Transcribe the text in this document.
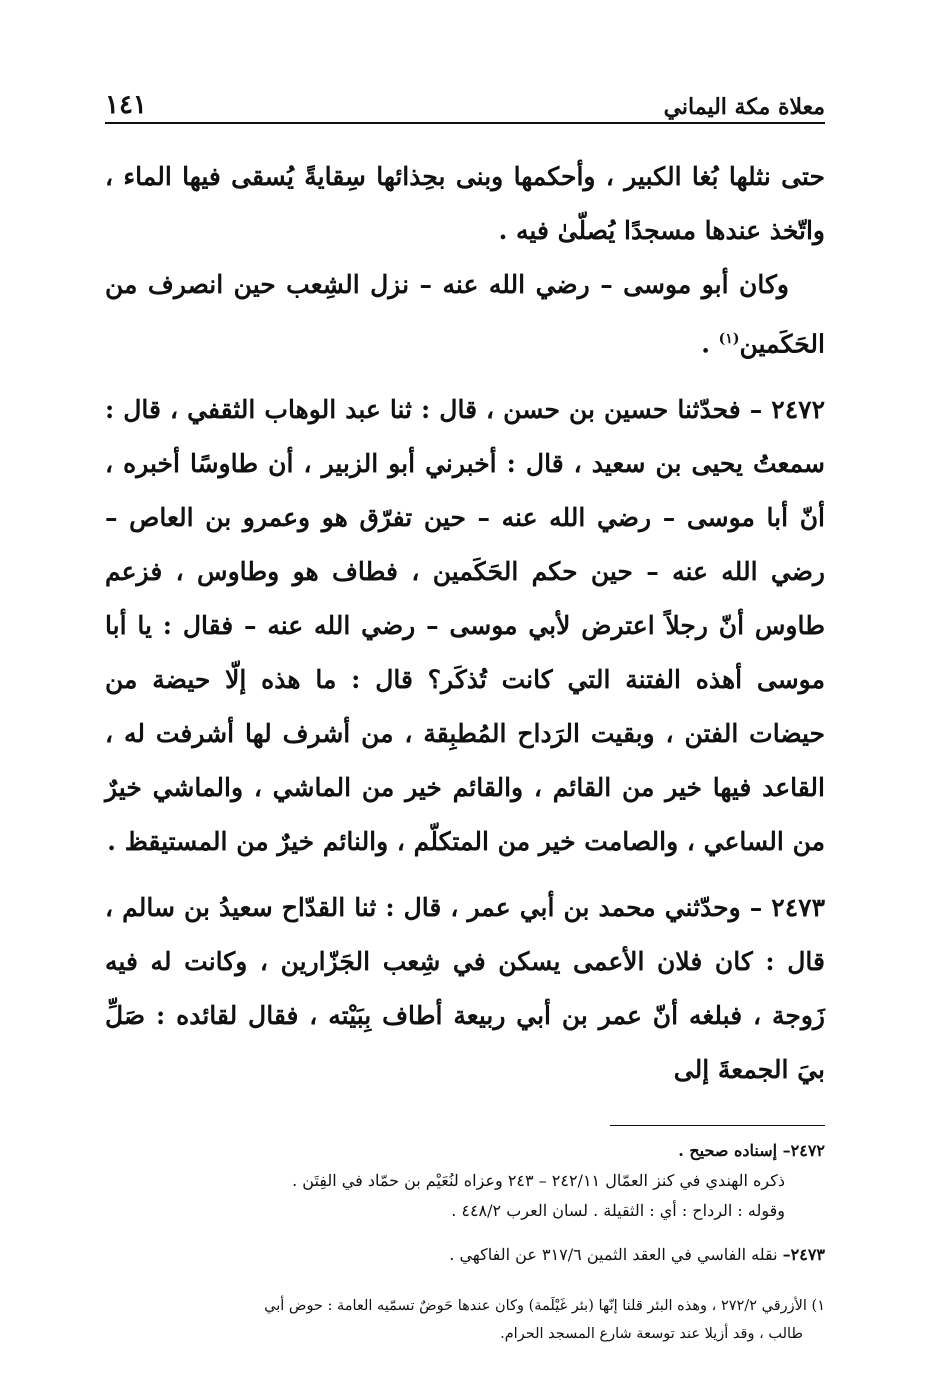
معلاة مكة اليماني
١٤١

حتى نثلها بُغا الكبير ، وأحكمها وبنى بحِذائها سِقايةً يُسقى فيها الماء ، واتّخذ عندها مسجدًا يُصلّىٰ فيه .

وكان أبو موسى – رضي الله عنه – نزل الشِعب حين انصرف من الحَكَمين$^{(١)}$ .

٢٤٧٢ – فحدّثنا حسين بن حسن ، قال : ثنا عبد الوهاب الثقفي ، قال : سمعتُ يحيى بن سعيد ، قال : أخبرني أبو الزبير ، أن طاوسًا أخبره ، أنّ أبا موسى – رضي الله عنه – حين تفرّق هو وعمرو بن العاص – رضي الله عنه – حين حكم الحَكَمين ، فطاف هو وطاوس ، فزعم طاوس أنّ رجلاً اعترض لأبي موسى – رضي الله عنه – فقال : يا أبا موسى أهذه الفتنة التي كانت تُذكَر؟ قال : ما هذه إلّا حيضة من حيضات الفتن ، وبقيت الرَداح المُطبِقة ، من أشرف لها أشرفت له ، القاعد فيها خير من القائم ، والقائم خير من الماشي ، والماشي خيرٌ من الساعي ، والصامت خير من المتكلّم ، والنائم خيرٌ من المستيقظ .

٢٤٧٣ – وحدّثني محمد بن أبي عمر ، قال : ثنا القدّاح سعيدُ بن سالم ، قال : كان فلان الأعمى يسكن في شِعب الجَزّارين ، وكانت له فيه زَوجة ، فبلغه أنّ عمر بن أبي ربيعة أطاف بِبَيْته ، فقال لقائده : صَلِّ بيَ الجمعةَ إلى

٢٤٧٢– إسناده صحيح .

ذكره الهندي في كنز العمّال ٢٤٢/١١ – ٢٤٣ وعزاه لنُعَيْم بن حمّاد في الفِتَن .

وقوله : الرداح : أي : الثقيلة . لسان العرب ٤٤٨/٢ .

٢٤٧٣– نقله الفاسي في العقد الثمين ٣١٧/٦ عن الفاكهي .

١) الأزرقي ٢٧٢/٢ ، وهذه البئر قلنا إنّها (بئر غَيْلَمة) وكان عندها حَوضٌ تسمّيه العامة : حوض أبي

طالب ، وقد أزيلا عند توسعة شارع المسجد الحرام.
